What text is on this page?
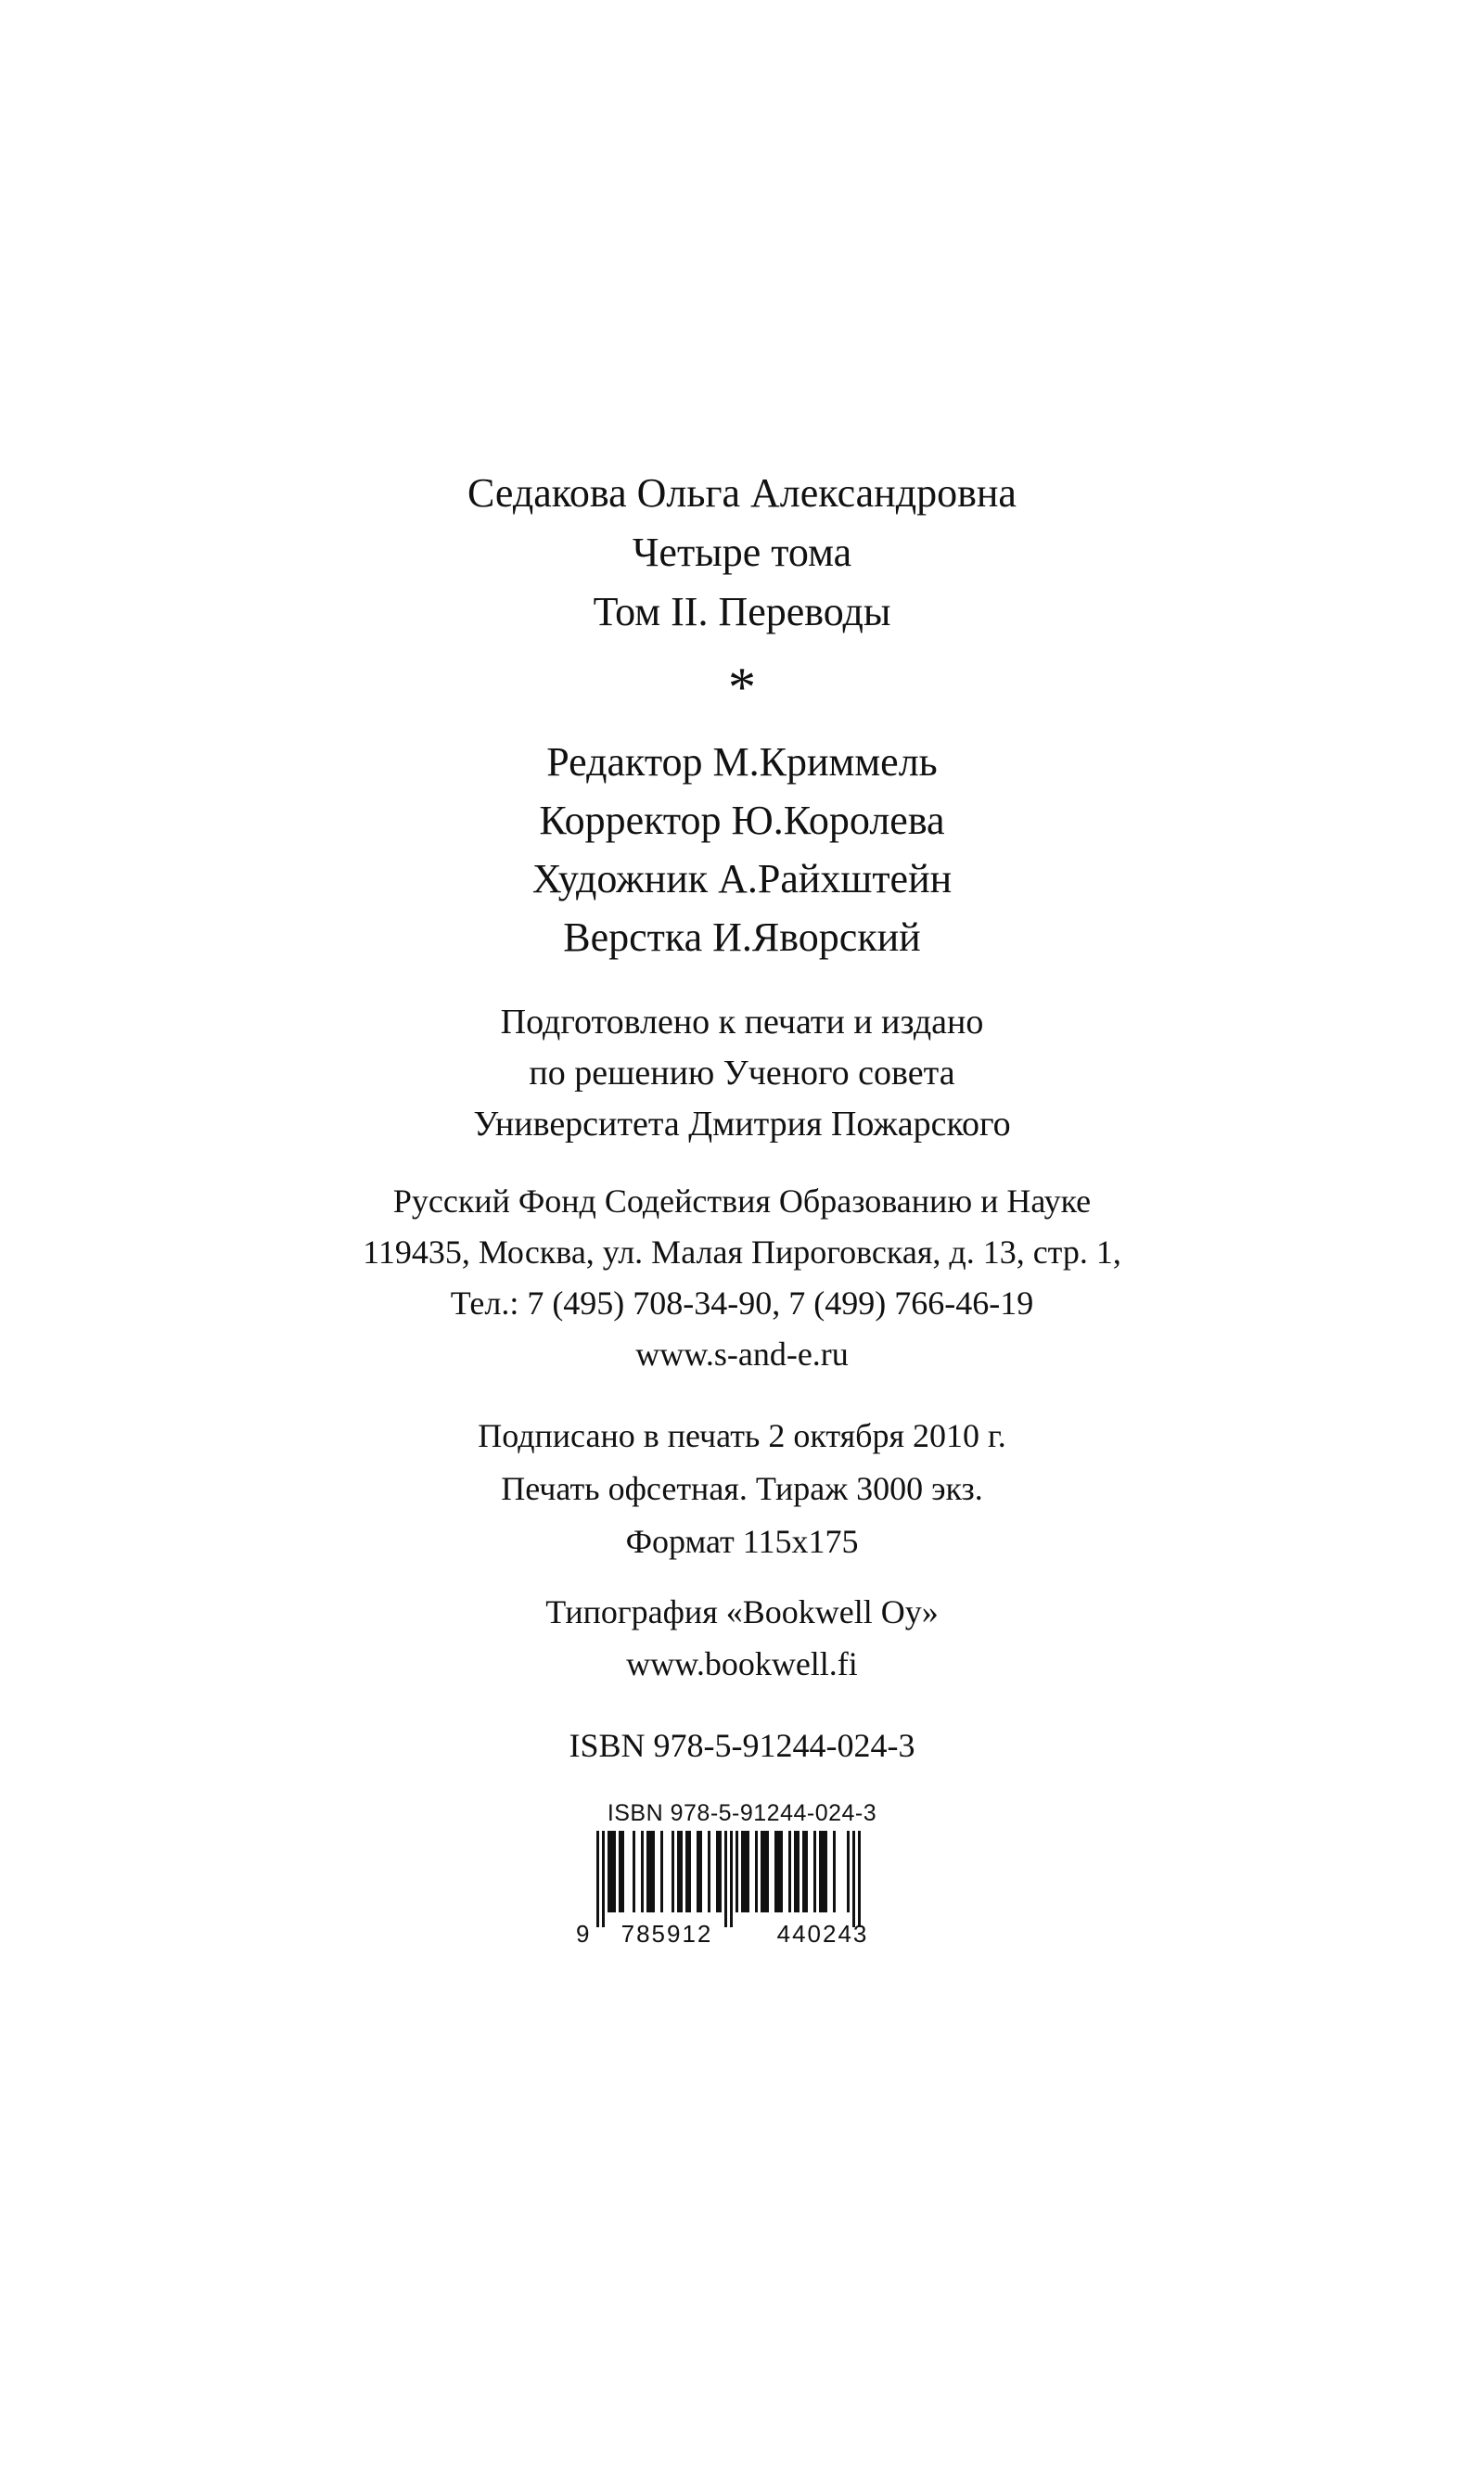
Седакова Ольга Александровна
Четыре тома
Том II. Переводы
*
Редактор М.Криммель
Корректор Ю.Королева
Художник А.Райхштейн
Верстка И.Яворский
Подготовлено к печати и издано
по решению Ученого совета
Университета Дмитрия Пожарского
Русский Фонд Содействия Образованию и Науке
119435, Москва, ул. Малая Пироговская, д. 13, стр. 1,
Тел.: 7 (495) 708-34-90, 7 (499) 766-46-19
www.s-and-e.ru
Подписано в печать 2 октября 2010 г.
Печать офсетная. Тираж 3000 экз.
Формат 115x175
Типография «Bookwell Oy»
www.bookwell.fi
ISBN 978-5-91244-024-3
ISBN 978-5-91244-024-3
9 785912	440243
